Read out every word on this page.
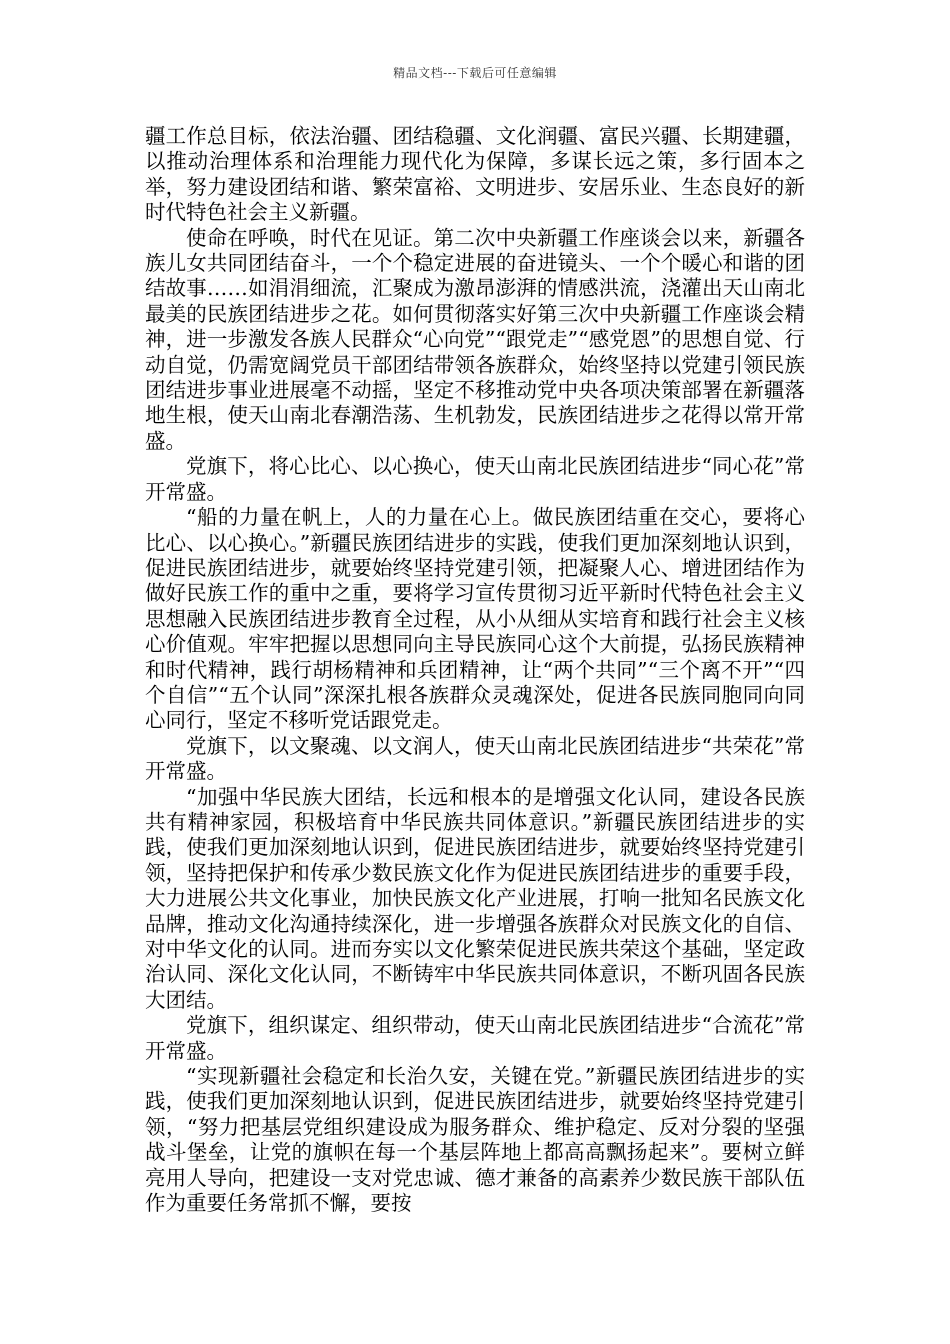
精品文档---下载后可任意编辑

疆工作总目标，依法治疆、团结稳疆、文化润疆、富民兴疆、长期建疆，以推动治理体系和治理能力现代化为保障，多谋长远之策，多行固本之举，努力建设团结和谐、繁荣富裕、文明进步、安居乐业、生态良好的新时代特色社会主义新疆。

使命在呼唤，时代在见证。第二次中央新疆工作座谈会以来，新疆各族儿女共同团结奋斗，一个个稳定进展的奋进镜头、一个个暖心和谐的团结故事……如涓涓细流，汇聚成为激昂澎湃的情感洪流，浇灌出天山南北最美的民族团结进步之花。如何贯彻落实好第三次中央新疆工作座谈会精神，进一步激发各族人民群众“心向党”“跟党走”“感党恩”的思想自觉、行动自觉，仍需宽阔党员干部团结带领各族群众，始终坚持以党建引领民族团结进步事业进展毫不动摇，坚定不移推动党中央各项决策部署在新疆落地生根，使天山南北春潮浩荡、生机勃发，民族团结进步之花得以常开常盛。

党旗下，将心比心、以心换心，使天山南北民族团结进步“同心花”常开常盛。

“船的力量在帆上，人的力量在心上。做民族团结重在交心，要将心比心、以心换心。”新疆民族团结进步的实践，使我们更加深刻地认识到，促进民族团结进步，就要始终坚持党建引领，把凝聚人心、增进团结作为做好民族工作的重中之重，要将学习宣传贯彻习近平新时代特色社会主义思想融入民族团结进步教育全过程，从小从细从实培育和践行社会主义核心价值观。牢牢把握以思想同向主导民族同心这个大前提，弘扬民族精神和时代精神，践行胡杨精神和兵团精神，让“两个共同”“三个离不开”“四个自信”“五个认同”深深扎根各族群众灵魂深处，促进各民族同胞同向同心同行，坚定不移听党话跟党走。

党旗下，以文聚魂、以文润人，使天山南北民族团结进步“共荣花”常开常盛。

“加强中华民族大团结，长远和根本的是增强文化认同，建设各民族共有精神家园，积极培育中华民族共同体意识。”新疆民族团结进步的实践，使我们更加深刻地认识到，促进民族团结进步，就要始终坚持党建引领，坚持把保护和传承少数民族文化作为促进民族团结进步的重要手段，大力进展公共文化事业，加快民族文化产业进展，打响一批知名民族文化品牌，推动文化沟通持续深化，进一步增强各族群众对民族文化的自信、对中华文化的认同。进而夯实以文化繁荣促进民族共荣这个基础，坚定政治认同、深化文化认同，不断铸牢中华民族共同体意识，不断巩固各民族大团结。

党旗下，组织谋定、组织带动，使天山南北民族团结进步“合流花”常开常盛。

“实现新疆社会稳定和长治久安，关键在党。”新疆民族团结进步的实践，使我们更加深刻地认识到，促进民族团结进步，就要始终坚持党建引领，“努力把基层党组织建设成为服务群众、维护稳定、反对分裂的坚强战斗堡垒，让党的旗帜在每一个基层阵地上都高高飘扬起来”。要树立鲜亮用人导向，把建设一支对党忠诚、德才兼备的高素养少数民族干部队伍作为重要任务常抓不懈，要按
